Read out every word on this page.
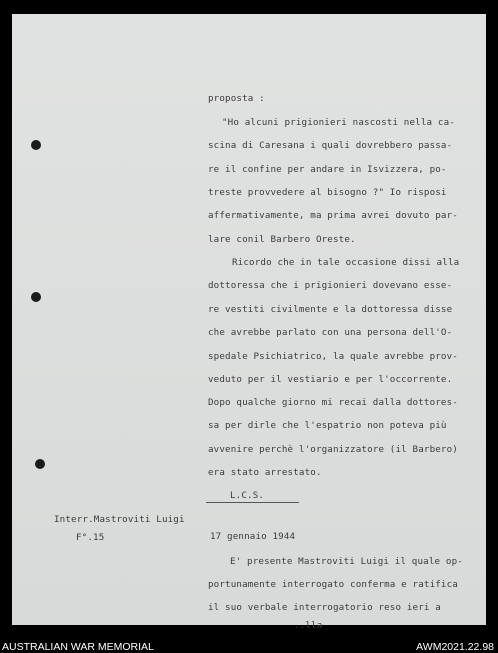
proposta :
"Ho alcuni prigionieri nascosti nella ca-
scina di Caresana i quali dovrebbero passa-
re il confine per andare in Isvizzera, po-
treste provvedere al bisogno ?" Io risposi
affermativamente, ma prima avrei dovuto par-
lare conil Barbero Oreste.
Ricordo che in tale occasione dissi alla
dottoressa che i prigionieri dovevano esse-
re vestiti civilmente e la dottoressa disse
che avrebbe parlato con una persona dell'O-
spedale Psichiatrico, la quale avrebbe prov-
veduto per il vestiario e per l'occorrente.
Dopo qualche giorno mi recai dalla dottores-
sa per dirle che l'espatrio non poteva più
avvenire perchè l'organizzatore (il Barbero)
era stato arrestato.
L.C.S.
Interr.Mastroviti Luigi
F°.15	17 gennaio 1944
E' presente Mastroviti Luigi il quale op-
portunamente interrogato conferma e ratifica
il suo verbale interrogatorio reso ieri a
..lla
AUSTRALIAN WAR MEMORIAL	AWM2021.22.98
